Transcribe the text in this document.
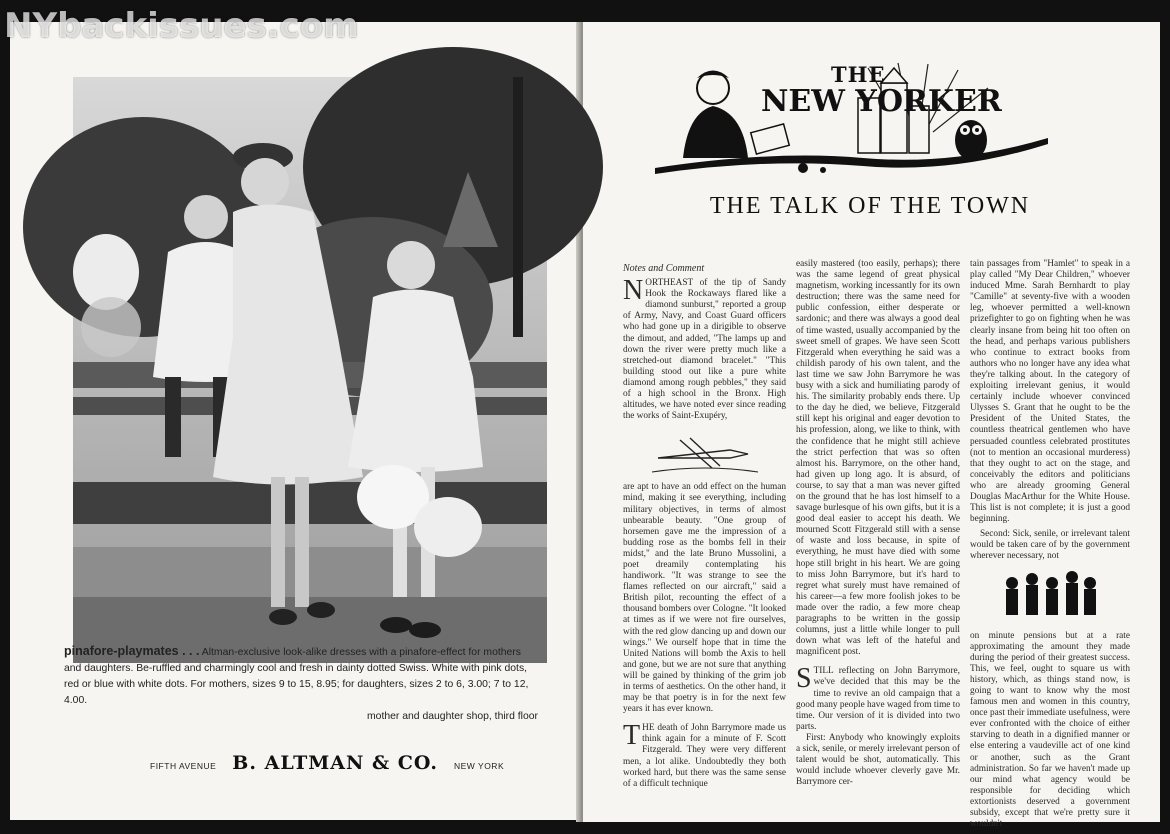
NYbackissues.com
pinafore-playmates . . . Altman-exclusive look-alike dresses with a pinafore-effect for mothers and daughters. Be-ruffled and charmingly cool and fresh in dainty dotted Swiss. White with pink dots, red or blue with white dots. For mothers, sizes 9 to 15, 8.95; for daughters, sizes 2 to 6, 3.00; 7 to 12, 4.00.
mother and daughter shop, third floor
FIFTH AVENUE B. ALTMAN & CO. NEW YORK
THE
NEW YORKER
THE TALK OF THE TOWN

Notes and Comment

NORTHEAST of the tip of Sandy Hook the Rockaways flared like a diamond sunburst," reported a group of Army, Navy, and Coast Guard officers who had gone up in a dirigible to observe the dimout, and added, "The lamps up and down the river were pretty much like a stretched-out diamond bracelet." "This building stood out like a pure white diamond among rough pebbles," they said of a high school in the Bronx. High altitudes, we have noted ever since reading the works of Saint-Exupéry,

are apt to have an odd effect on the human mind, making it see everything, including military objectives, in terms of almost unbearable beauty. "One group of horsemen gave me the impression of a budding rose as the bombs fell in their midst," and the late Bruno Mussolini, a poet dreamily contemplating his handiwork. "It was strange to see the flames reflected on our aircraft," said a British pilot, recounting the effect of a thousand bombers over Cologne. "It looked at times as if we were not fire ourselves, with the red glow dancing up and down our wings." We ourself hope that in time the United Nations will bomb the Axis to hell and gone, but we are not sure that anything will be gained by thinking of the grim job in terms of aesthetics. On the other hand, it may be that poetry is in for the next few years it has ever known.

THE death of John Barrymore made us think again for a minute of F. Scott Fitzgerald. They were very different men, a lot alike. Undoubtedly they both worked hard, but there was the same sense of a difficult technique

easily mastered (too easily, perhaps); there was the same legend of great physical magnetism, working incessantly for its own destruction; there was the same need for public confession, either desperate or sardonic; and there was always a good deal of time wasted, usually accompanied by the sweet smell of grapes. We have seen Scott Fitzgerald when everything he said was a childish parody of his own talent, and the last time we saw John Barrymore he was busy with a sick and humiliating parody of his. The similarity probably ends there. Up to the day he died, we believe, Fitzgerald still kept his original and eager devotion to his profession, along, we like to think, with the confidence that he might still achieve the strict perfection that was so often almost his. Barrymore, on the other hand, had given up long ago. It is absurd, of course, to say that a man was never gifted on the ground that he has lost himself to a savage burlesque of his own gifts, but it is a good deal easier to accept his death. We mourned Scott Fitzgerald still with a sense of waste and loss because, in spite of everything, he must have died with some hope still bright in his heart. We are going to miss John Barrymore, but it's hard to regret what surely must have remained of his career—a few more foolish jokes to be made over the radio, a few more cheap paragraphs to be written in the gossip columns, just a little while longer to pull down what was left of the hateful and magnificent post.

STILL reflecting on John Barrymore, we've decided that this may be the time to revive an old campaign that a good many people have waged from time to time. Our version of it is divided into two parts.

First: Anybody who knowingly exploits a sick, senile, or merely irrelevant person of talent would be shot, automatically. This would include whoever cleverly gave Mr. Barrymore cer-

tain passages from "Hamlet" to speak in a play called "My Dear Children," whoever induced Mme. Sarah Bernhardt to play "Camille" at seventy-five with a wooden leg, whoever permitted a well-known prizefighter to go on fighting when he was clearly insane from being hit too often on the head, and perhaps various publishers who continue to extract books from authors who no longer have any idea what they're talking about. In the category of exploiting irrelevant genius, it would certainly include whoever convinced Ulysses S. Grant that he ought to be the President of the United States, the countless theatrical gentlemen who have persuaded countless celebrated prostitutes (not to mention an occasional murderess) that they ought to act on the stage, and conceivably the editors and politicians who are already grooming General Douglas MacArthur for the White House. This list is not complete; it is just a good beginning.

Second: Sick, senile, or irrelevant talent would be taken care of by the government wherever necessary, not

on minute pensions but at a rate approximating the amount they made during the period of their greatest success. This, we feel, ought to square us with history, which, as things stand now, is going to want to know why the most famous men and women in this country, once past their immediate usefulness, were ever confronted with the choice of either starving to death in a dignified manner or else entering a vaudeville act of one kind or another, such as the Grant administration. So far we haven't made up our mind what agency would be responsible for deciding which extortionists deserved a government subsidy, except that we're pretty sure it wouldn't
